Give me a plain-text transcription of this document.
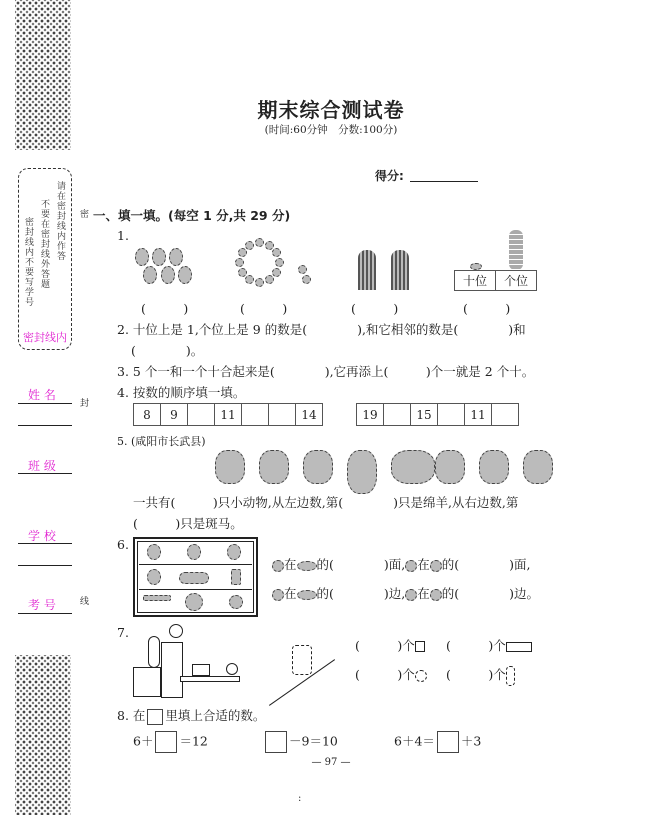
请在密封线内作答
不要在密封线外答题
密封线内不要写学号
密封线内
姓 名
班 级
学 校
考 号
密
封
线
期末综合测试卷
(时间:60分钟　分数:100分)
得分:
一、填一填。(每空 1 分,共 29 分)
1.
十位	个位
(　　　)	(　　　)	(　　　)	(　　　)
2. 十位上是 1,个位上是 9 的数是(　　　　),和它相邻的数是(　　　　)和
(　　　　)。
3. 5 个一和一个十合起来是(　　　　),它再添上(　　　)个一就是 2 个十。
4. 按数的顺序填一填。
8	9		11			14	19		15		11	
5. (咸阳市长武县)
一共有(　　　)只小动物,从左边数,第(　　　　)只是绵羊,从右边数,第
(　　　)只是斑马。
6.
在 的(　　　　)面, 在 的(　　　　)面,
在 的(　　　　)边, 在 的(　　　　)边。
7.
(　　　)个	(　　　)个
(　　　)个	(　　　)个
8. 在 里填上合适的数。
6＋ ＝12	－9＝10	6＋4＝ ＋3
— 97 —
:
